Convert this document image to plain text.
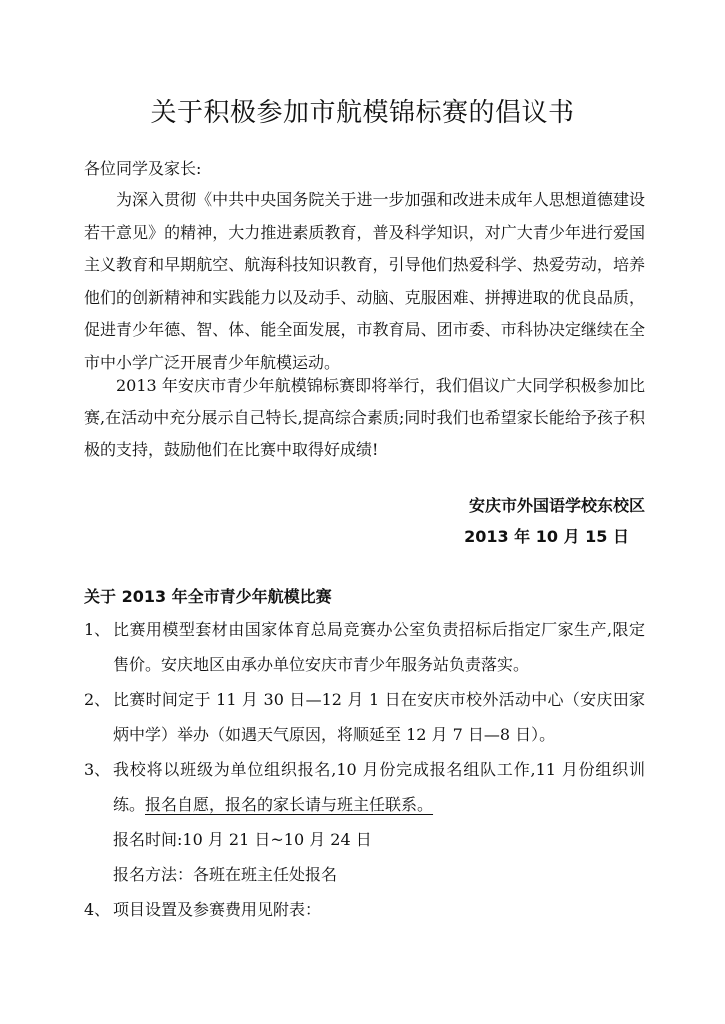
关于积极参加市航模锦标赛的倡议书
各位同学及家长:
为深入贯彻《中共中央国务院关于进一步加强和改进未成年人思想道德建设若干意见》的精神，大力推进素质教育，普及科学知识，对广大青少年进行爱国主义教育和早期航空、航海科技知识教育，引导他们热爱科学、热爱劳动，培养他们的创新精神和实践能力以及动手、动脑、克服困难、拼搏进取的优良品质，促进青少年德、智、体、能全面发展，市教育局、团市委、市科协决定继续在全市中小学广泛开展青少年航模运动。
2013 年安庆市青少年航模锦标赛即将举行，我们倡议广大同学积极参加比赛,在活动中充分展示自己特长,提高综合素质;同时我们也希望家长能给予孩子积极的支持，鼓励他们在比赛中取得好成绩!
安庆市外国语学校东校区
2013 年 10 月 15 日
关于 2013 年全市青少年航模比赛
1、 比赛用模型套材由国家体育总局竞赛办公室负责招标后指定厂家生产,限定售价。安庆地区由承办单位安庆市青少年服务站负责落实。
2、 比赛时间定于 11 月 30 日—12 月 1 日在安庆市校外活动中心（安庆田家炳中学）举办（如遇天气原因，将顺延至 12 月 7 日—8 日）。
3、 我校将以班级为单位组织报名,10 月份完成报名组队工作,11 月份组织训练。报名自愿，报名的家长请与班主任联系。
报名时间:10 月 21 日~10 月 24 日
报名方法：各班在班主任处报名
4、 项目设置及参赛费用见附表：
